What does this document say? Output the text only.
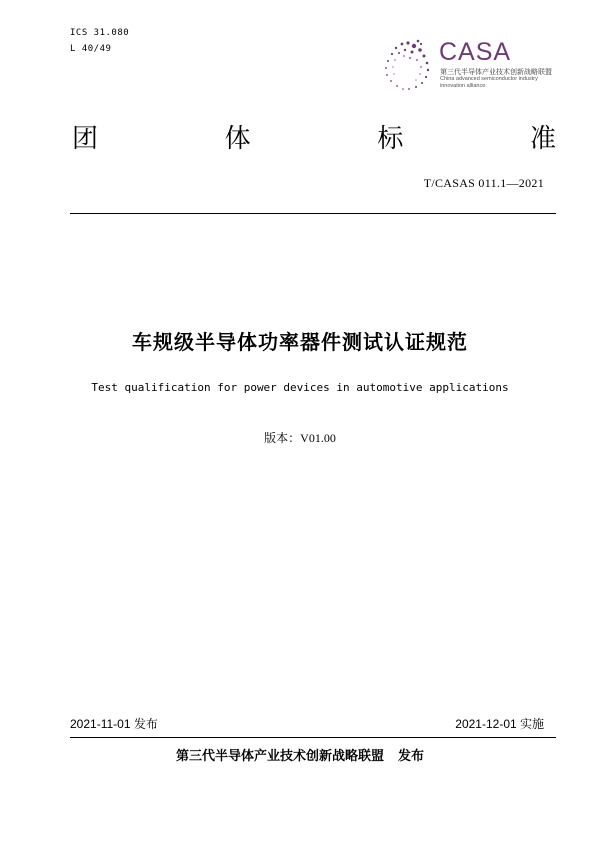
ICS 31.080
L 40/49	CASA
第三代半导体产业技术创新战略联盟
China advanced semiconductor industry
innovation alliance
团	体	标	准
T/CASAS 011.1—2021
车规级半导体功率器件测试认证规范
Test qualification for power devices in automotive applications
版本：V01.00
2021-11-01 发布	2021-12-01 实施
第三代半导体产业技术创新战略联盟 发布
